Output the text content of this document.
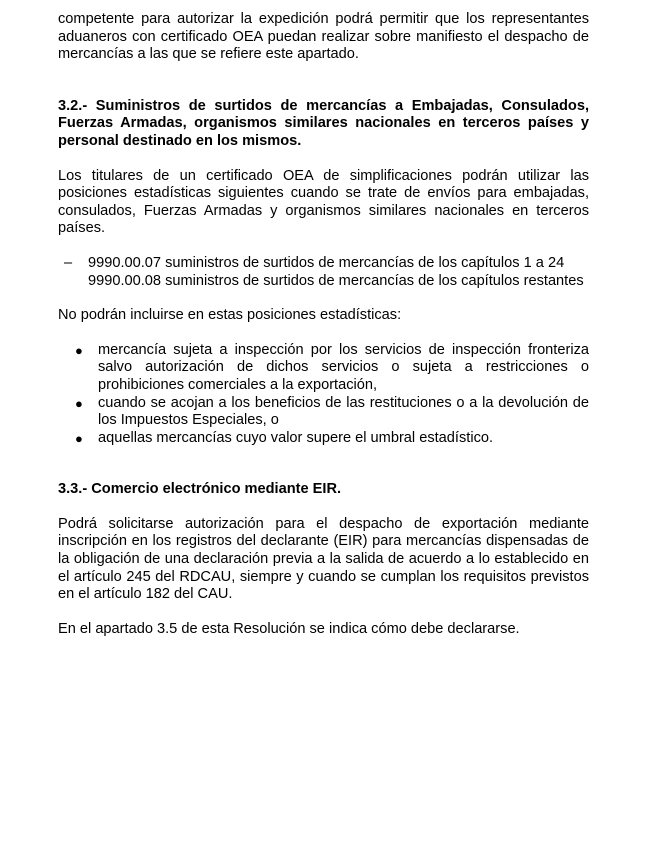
competente para autorizar la expedición podrá permitir que los representantes aduaneros con certificado OEA puedan realizar sobre manifiesto el despacho de mercancías a las que se refiere este apartado.

3.2.- Suministros de surtidos de mercancías a Embajadas, Consulados, Fuerzas Armadas, organismos similares nacionales en terceros países y personal destinado en los mismos.

Los titulares de un certificado OEA de simplificaciones podrán utilizar las posiciones estadísticas siguientes cuando se trate de envíos para embajadas, consulados, Fuerzas Armadas y organismos similares nacionales en terceros países.

– 9990.00.07 suministros de surtidos de mercancías de los capítulos 1 a 24
9990.00.08 suministros de surtidos de mercancías de los capítulos restantes

No podrán incluirse en estas posiciones estadísticas:

● mercancía sujeta a inspección por los servicios de inspección fronteriza salvo autorización de dichos servicios o sujeta a restricciones o prohibiciones comerciales a la exportación,
● cuando se acojan a los beneficios de las restituciones o a la devolución de los Impuestos Especiales, o
● aquellas mercancías cuyo valor supere el umbral estadístico.

3.3.- Comercio electrónico mediante EIR.

Podrá solicitarse autorización para el despacho de exportación mediante inscripción en los registros del declarante (EIR) para mercancías dispensadas de la obligación de una declaración previa a la salida de acuerdo a lo establecido en el artículo 245 del RDCAU, siempre y cuando se cumplan los requisitos previstos en el artículo 182 del CAU.

En el apartado 3.5 de esta Resolución se indica cómo debe declararse.
